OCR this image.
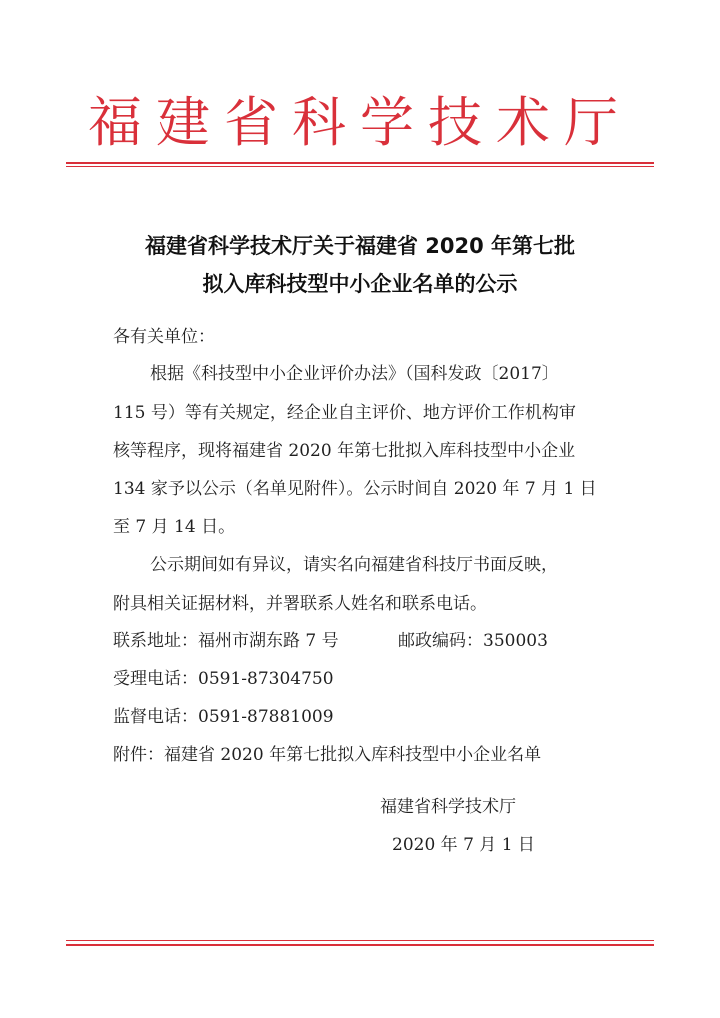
福建省科学技术厅
福建省科学技术厅关于福建省 2020 年第七批
拟入库科技型中小企业名单的公示
各有关单位：
根据《科技型中小企业评价办法》（国科发政〔2017〕
115 号）等有关规定，经企业自主评价、地方评价工作机构审
核等程序，现将福建省 2020 年第七批拟入库科技型中小企业
134 家予以公示（名单见附件）。公示时间自 2020 年 7 月 1 日
至 7 月 14 日。
公示期间如有异议，请实名向福建省科技厅书面反映，
附具相关证据材料，并署联系人姓名和联系电话。
联系地址：福州市湖东路 7 号	邮政编码：350003
受理电话：0591-87304750
监督电话：0591-87881009
附件：福建省 2020 年第七批拟入库科技型中小企业名单
福建省科学技术厅
2020 年 7 月 1 日
